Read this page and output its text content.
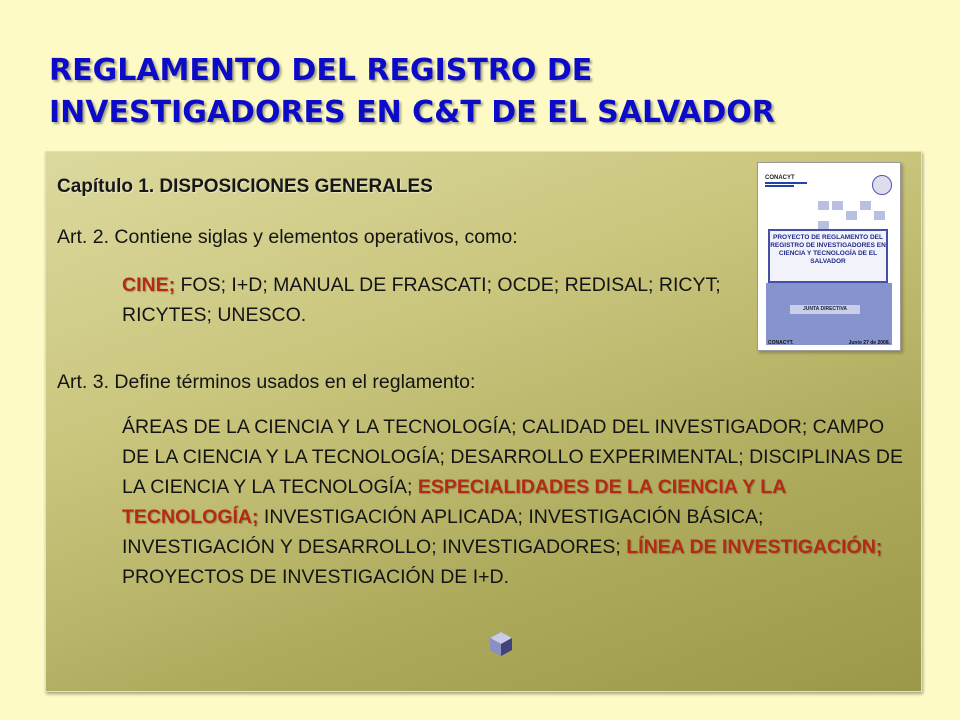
REGLAMENTO DEL REGISTRO DE
INVESTIGADORES EN C&T DE EL SALVADOR
Capítulo 1. DISPOSICIONES GENERALES
Art. 2. Contiene siglas y elementos operativos, como:
CINE; FOS; I+D; MANUAL DE FRASCATI; OCDE; REDISAL; RICYT; RICYTES; UNESCO.
Art. 3. Define términos usados en el reglamento:
ÁREAS DE LA CIENCIA Y LA TECNOLOGÍA; CALIDAD DEL INVESTIGADOR; CAMPO DE LA CIENCIA Y LA TECNOLOGÍA; DESARROLLO EXPERIMENTAL; DISCIPLINAS DE LA CIENCIA Y LA TECNOLOGÍA; ESPECIALIDADES DE LA CIENCIA Y LA TECNOLOGÍA; INVESTIGACIÓN APLICADA; INVESTIGACIÓN BÁSICA; INVESTIGACIÓN Y DESARROLLO; INVESTIGADORES; LÍNEA DE INVESTIGACIÓN; PROYECTOS DE INVESTIGACIÓN DE I+D.
CONACYT
PROYECTO DE REGLAMENTO DEL REGISTRO DE INVESTIGADORES EN CIENCIA Y TECNOLOGÍA DE EL SALVADOR
JUNTA DIRECTIVA
CONACYT.	Junio 27 de 2008.
